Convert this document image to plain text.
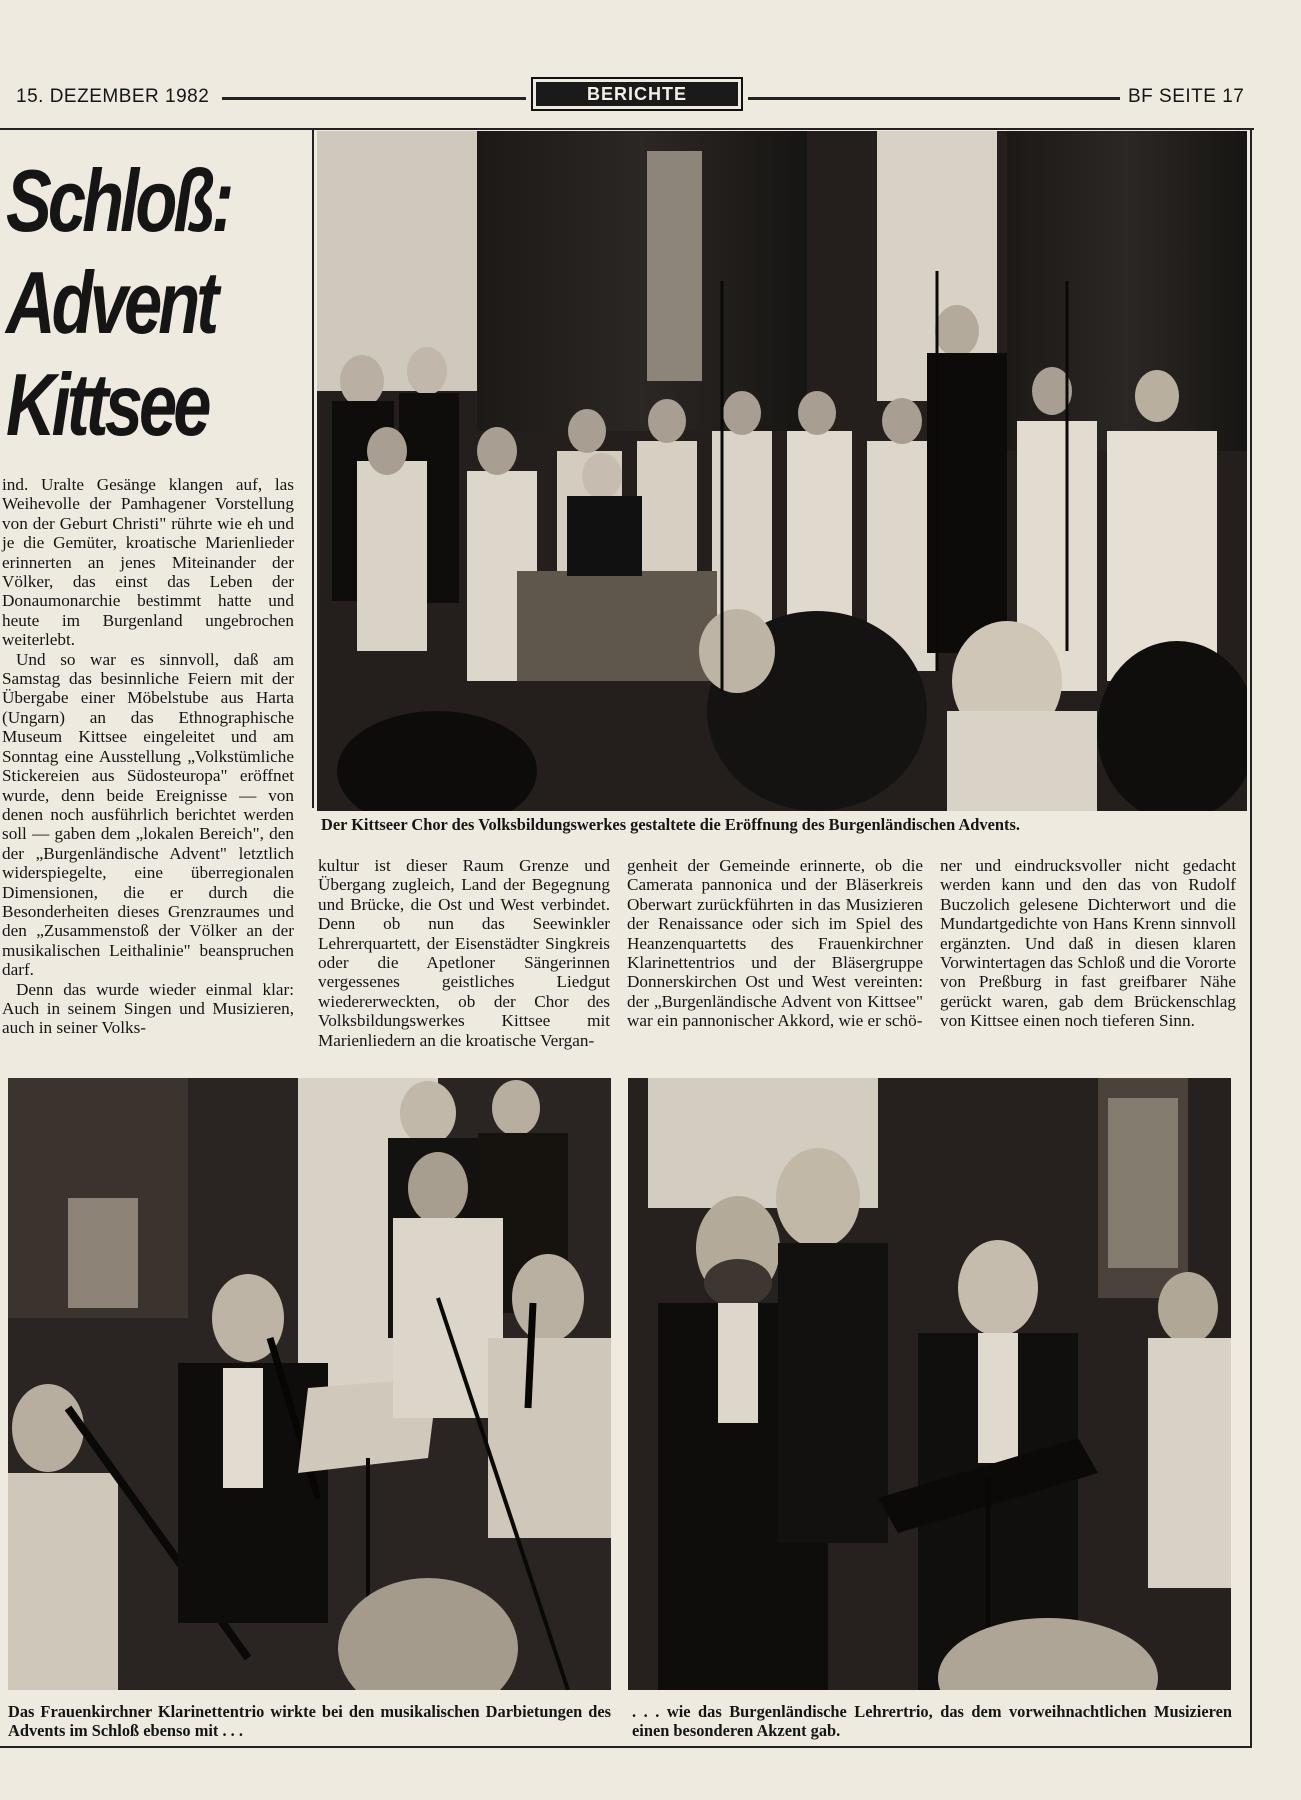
15. DEZEMBER 1982	BERICHTE	BF SEITE 17
Schloß:
Advent
Kittsee
Der Kittseer Chor des Volksbildungswerkes gestaltete die Eröffnung des Burgenländischen Advents.

ind. Uralte Gesänge klangen auf, las Weihevolle der Pamhagener Vorstellung von der Geburt Christi" rührte wie eh und je die Gemüter, kroatische Marienlieder erinnerten an jenes Miteinander der Völker, das einst das Leben der Donaumonarchie bestimmt hatte und heute im Burgenland ungebrochen weiterlebt.

Und so war es sinnvoll, daß am Samstag das besinnliche Feiern mit der Übergabe einer Möbelstube aus Harta (Ungarn) an das Ethnographische Museum Kittsee eingeleitet und am Sonntag eine Ausstellung „Volkstümliche Stickereien aus Südosteuropa" eröffnet wurde, denn beide Ereignisse — von denen noch ausführlich berichtet werden soll — gaben dem „lokalen Bereich", den der „Burgenländische Advent" letztlich widerspiegelte, eine überregionalen Dimensionen, die er durch die Besonderheiten dieses Grenzraumes und den „Zusammenstoß der Völker an der musikalischen Leithalinie" beanspruchen darf.

Denn das wurde wieder einmal klar: Auch in seinem Singen und Musizieren, auch in seiner Volks-

kultur ist dieser Raum Grenze und Übergang zugleich, Land der Begegnung und Brücke, die Ost und West verbindet. Denn ob nun das Seewinkler Lehrerquartett, der Eisenstädter Singkreis oder die Apetloner Sängerinnen vergessenes geistliches Liedgut wiedererweckten, ob der Chor des Volksbildungswerkes Kittsee mit Marienliedern an die kroatische Vergan-
genheit der Gemeinde erinnerte, ob die Camerata pannonica und der Bläserkreis Oberwart zurückführten in das Musizieren der Renaissance oder sich im Spiel des Heanzenquartetts des Frauenkirchner Klarinettentrios und der Bläsergruppe Donnerskirchen Ost und West vereinten: der „Burgenländische Advent von Kittsee" war ein pannonischer Akkord, wie er schö-
ner und eindrucksvoller nicht gedacht werden kann und den das von Rudolf Buczolich gelesene Dichterwort und die Mundartgedichte von Hans Krenn sinnvoll ergänzten. Und daß in diesen klaren Vorwintertagen das Schloß und die Vororte von Preßburg in fast greifbarer Nähe gerückt waren, gab dem Brückenschlag von Kittsee einen noch tieferen Sinn.
Das Frauenkirchner Klarinettentrio wirkte bei den musikalischen Darbietungen des Advents im Schloß ebenso mit . . .
. . . wie das Burgenländische Lehrertrio, das dem vorweihnachtlichen Musizieren einen besonderen Akzent gab.
